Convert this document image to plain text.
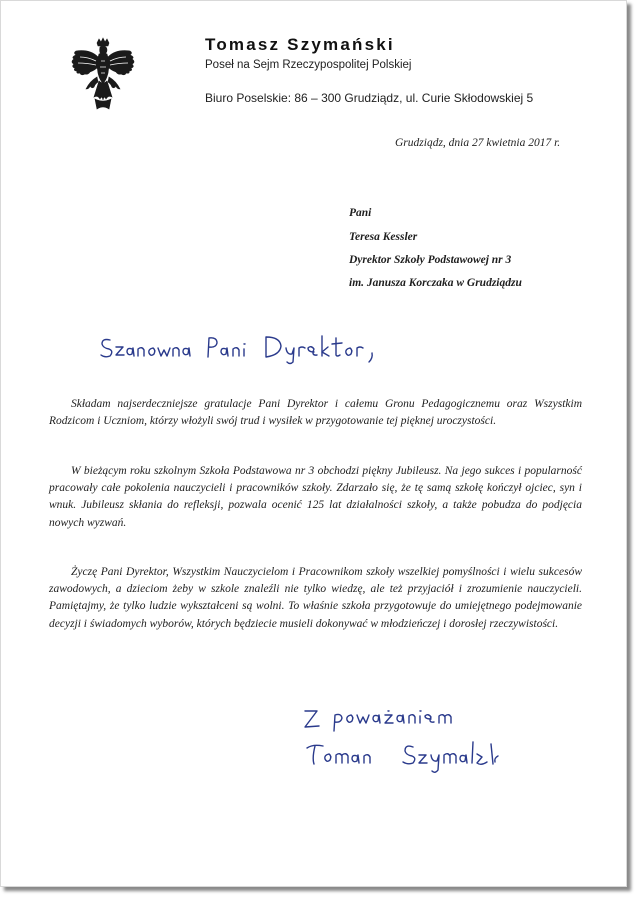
Tomasz Szymański
Poseł na Sejm Rzeczypospolitej Polskiej
Biuro Poselskie: 86 – 300 Grudziądz, ul. Curie Skłodowskiej 5
Grudziądz, dnia 27 kwietnia 2017 r.
Pani
Teresa Kessler
Dyrektor Szkoły Podstawowej nr 3
im. Janusza Korczaka w Grudziądzu

Składam najserdeczniejsze gratulacje Pani Dyrektor i całemu Gronu Pedagogicznemu oraz Wszystkim Rodzicom i Uczniom, którzy włożyli swój trud i wysiłek w przygotowanie tej pięknej uroczystości.

W bieżącym roku szkolnym Szkoła Podstawowa nr 3 obchodzi piękny Jubileusz. Na jego sukces i popularność pracowały całe pokolenia nauczycieli i pracowników szkoły. Zdarzało się, że tę samą szkołę kończył ojciec, syn i wnuk. Jubileusz skłania do refleksji, pozwala ocenić 125 lat działalności szkoły, a także pobudza do podjęcia nowych wyzwań.

Życzę Pani Dyrektor, Wszystkim Nauczycielom i Pracownikom szkoły wszelkiej pomyślności i wielu sukcesów zawodowych, a dzieciom żeby w szkole znaleźli nie tylko wiedzę, ale też przyjaciół i zrozumienie nauczycieli. Pamiętajmy, że tylko ludzie wykształceni są wolni. To właśnie szkoła przygotowuje do umiejętnego podejmowanie decyzji i świadomych wyborów, których będziecie musieli dokonywać w młodzieńczej i dorosłej rzeczywistości.
